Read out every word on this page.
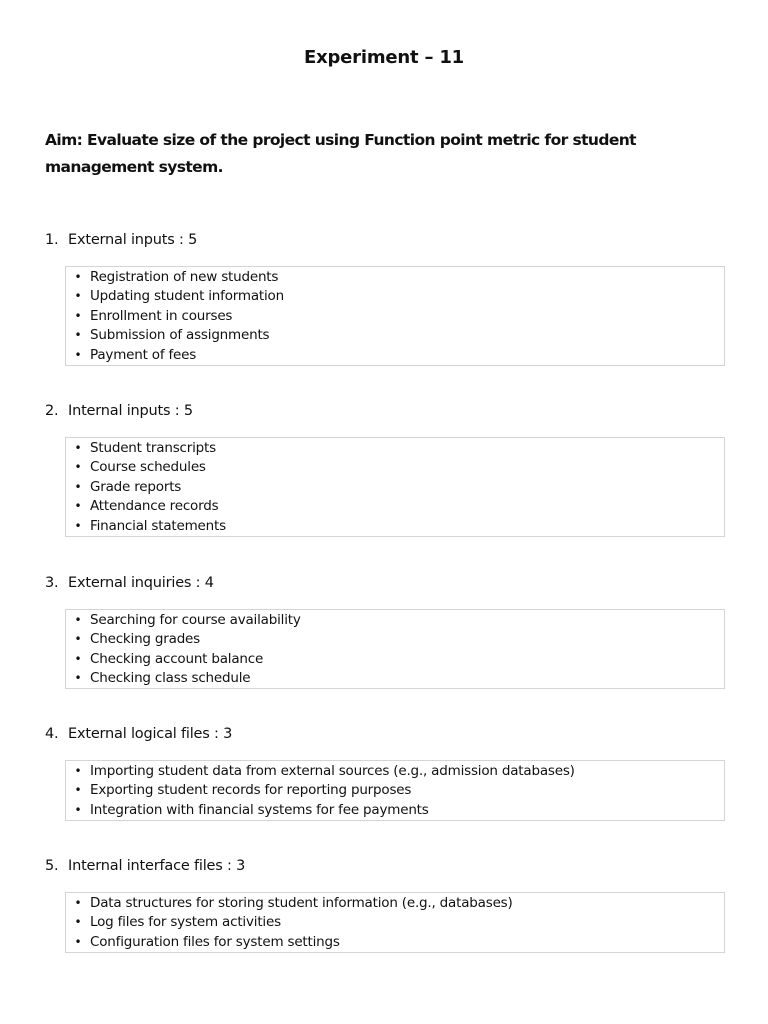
Experiment – 11
Aim: Evaluate size of the project using Function point metric for student management system.
1. External inputs : 5
• Registration of new students
• Updating student information
• Enrollment in courses
• Submission of assignments
• Payment of fees
2. Internal inputs : 5
• Student transcripts
• Course schedules
• Grade reports
• Attendance records
• Financial statements
3. External inquiries : 4
• Searching for course availability
• Checking grades
• Checking account balance
• Checking class schedule
4. External logical files : 3
• Importing student data from external sources (e.g., admission databases)
• Exporting student records for reporting purposes
• Integration with financial systems for fee payments
5. Internal interface files : 3
• Data structures for storing student information (e.g., databases)
• Log files for system activities
• Configuration files for system settings
